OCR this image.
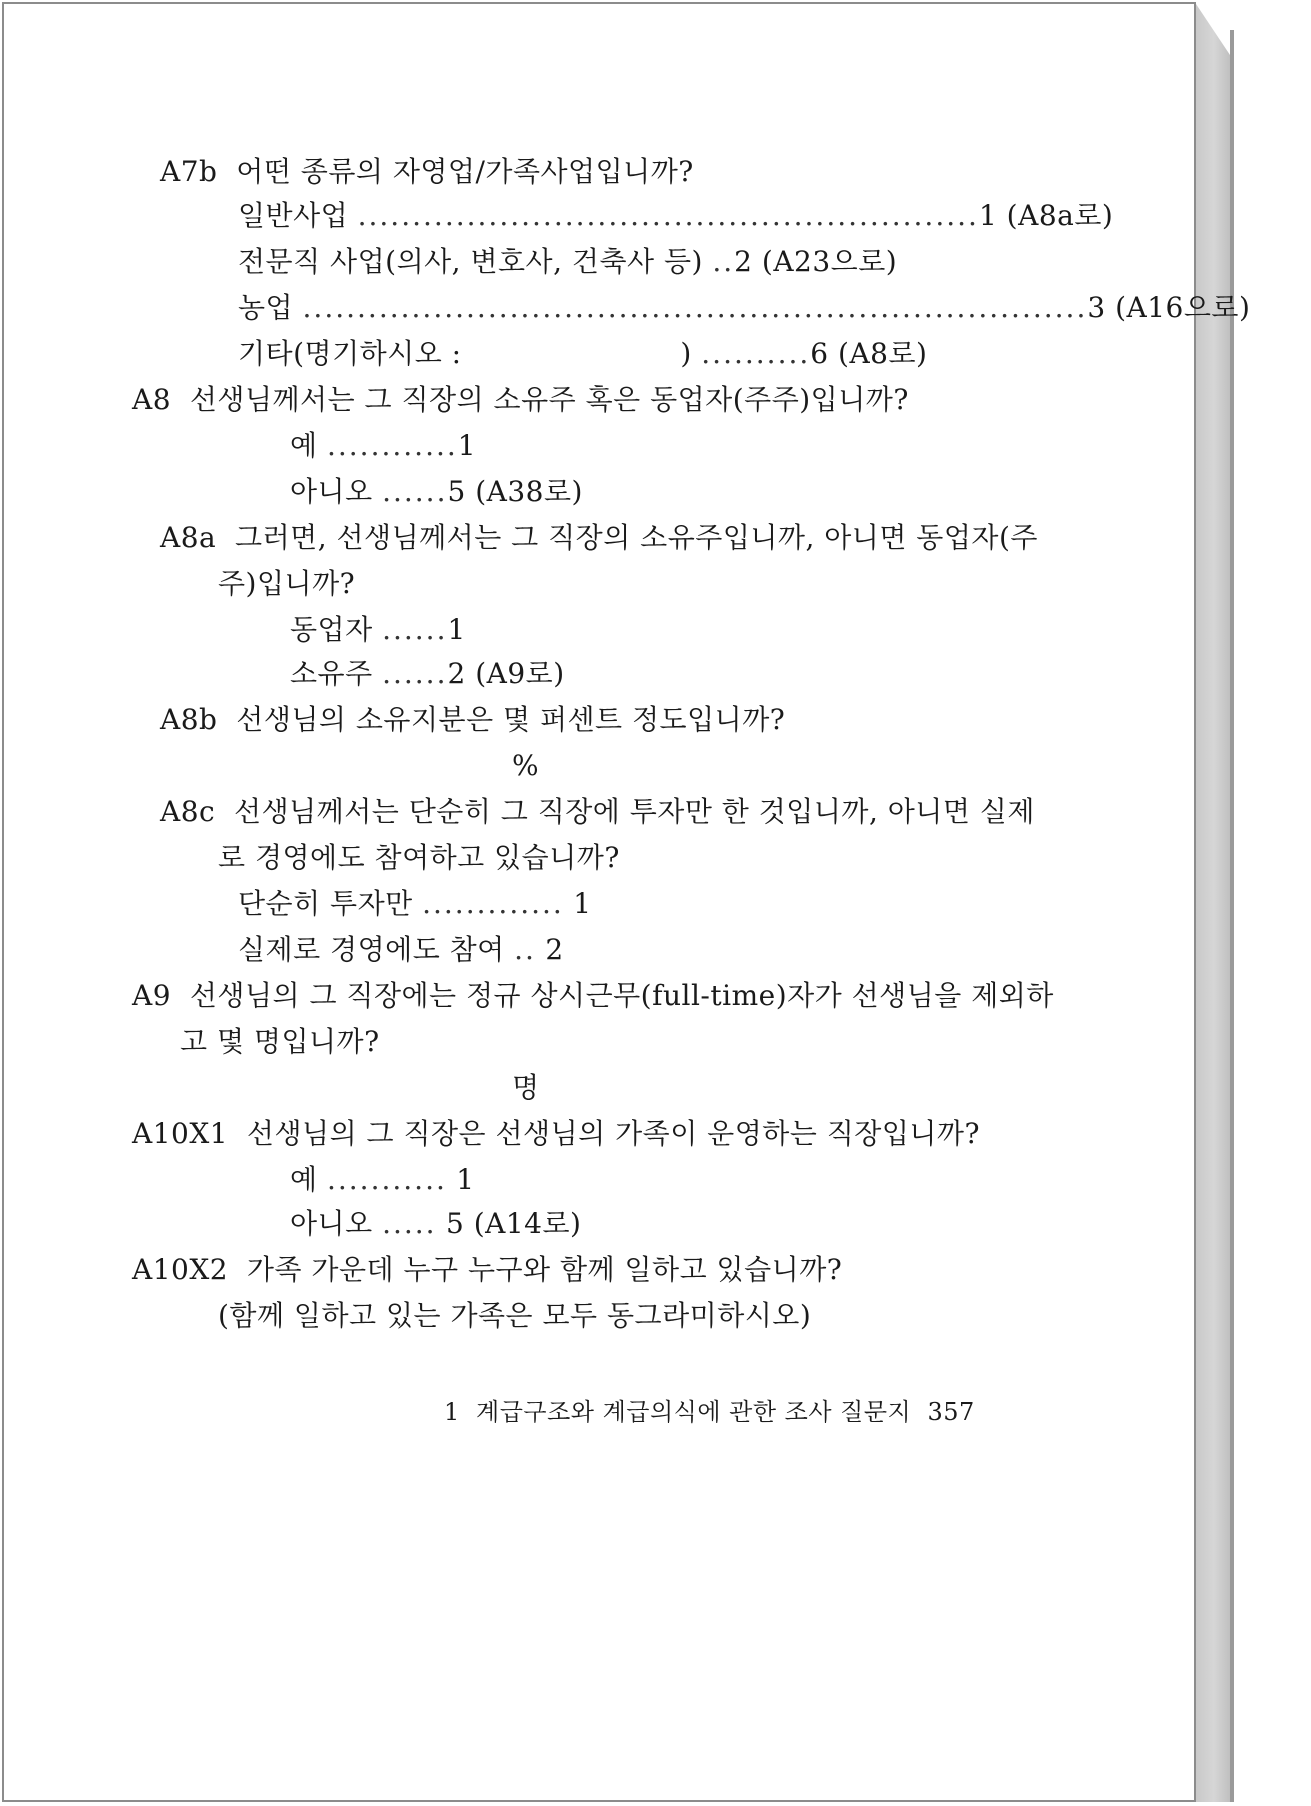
A7b 어떤 종류의 자영업/가족사업입니까?
일반사업 .........................................................1 (A8a로)
전문직 사업(의사, 변호사, 건축사 등) ..2 (A23으로)
농업 ........................................................................3 (A16으로)
기타(명기하시오 :	) ..........6 (A8로)
A8 선생님께서는 그 직장의 소유주 혹은 동업자(주주)입니까?
예 ............1
아니오 ......5 (A38로)
A8a 그러면, 선생님께서는 그 직장의 소유주입니까, 아니면 동업자(주
주)입니까?
동업자 ......1
소유주 ......2 (A9로)
A8b 선생님의 소유지분은 몇 퍼센트 정도입니까?
%
A8c 선생님께서는 단순히 그 직장에 투자만 한 것입니까, 아니면 실제
로 경영에도 참여하고 있습니까?
단순히 투자만 ............. 1
실제로 경영에도 참여 .. 2
A9 선생님의 그 직장에는 정규 상시근무(full-time)자가 선생님을 제외하
고 몇 명입니까?
명
A10X1 선생님의 그 직장은 선생님의 가족이 운영하는 직장입니까?
예 ........... 1
아니오 ..... 5 (A14로)
A10X2 가족 가운데 누구 누구와 함께 일하고 있습니까?
(함께 일하고 있는 가족은 모두 동그라미하시오)
1 계급구조와 계급의식에 관한 조사 질문지 357
